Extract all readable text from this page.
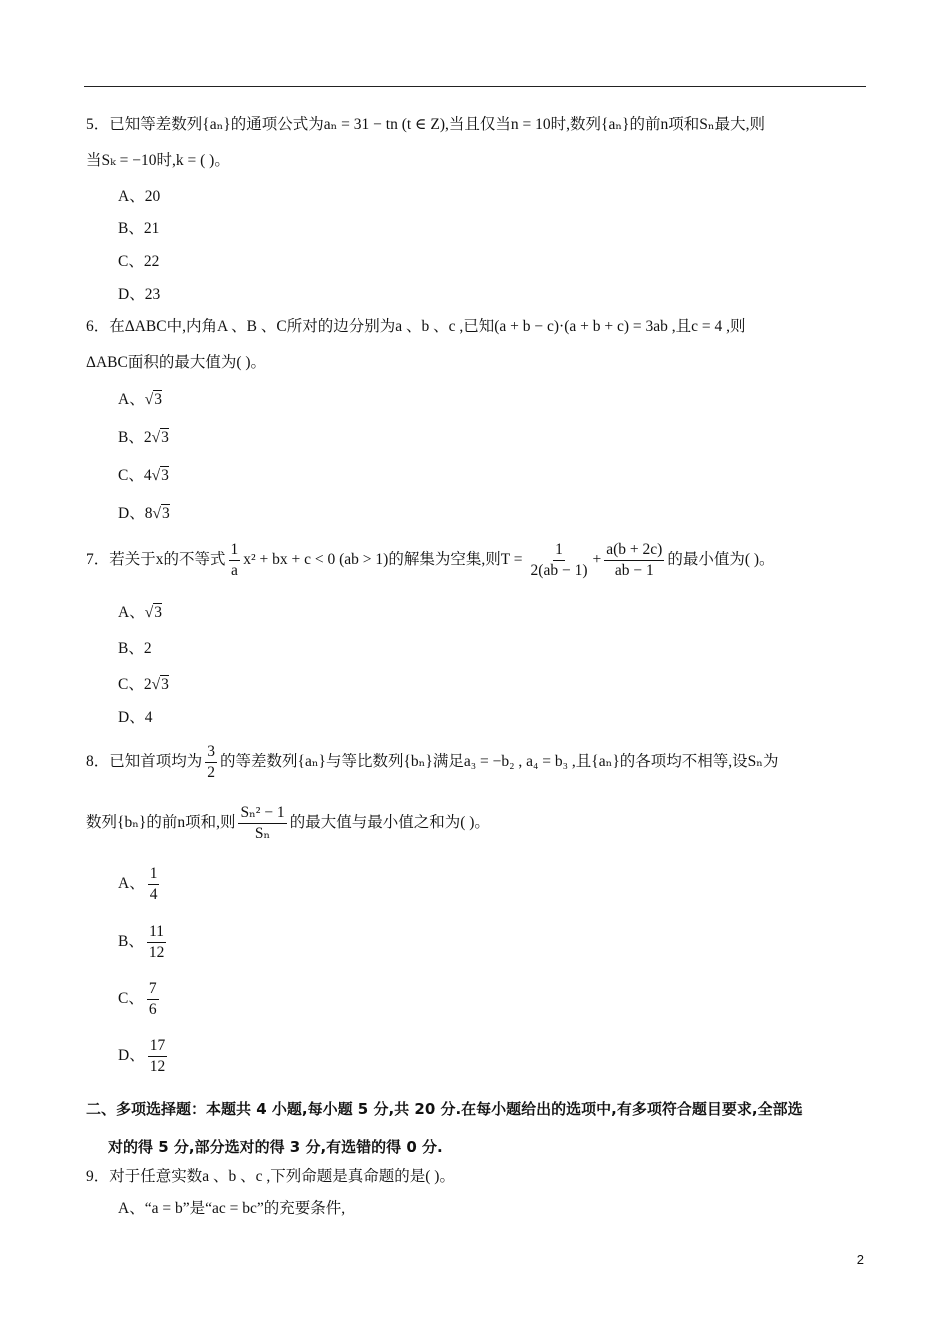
5．已知等差数列{aₙ}的通项公式为aₙ = 31 − tn (t ∈ Z),当且仅当n = 10时,数列{aₙ}的前n项和Sₙ最大,则
当Sₖ = −10时,k = ( )。
A、20
B、21
C、22
D、23
6．在ΔABC中,内角A 、B 、C所对的边分别为a 、b 、c ,已知(a + b − c)·(a + b + c) = 3ab ,且c = 4 ,则
ΔABC面积的最大值为( )。
A、√3
B、2√3
C、4√3
D、8√3
7．若关于x的不等式 $\frac{1}{a} x^2$ + bx + c < 0 (ab > 1)的解集为空集,则$T = \frac{1}{2(ab - 1)} + \frac{a(b + 2c)}{ab - 1}$ 的最小值为( )。
A、√3
B、2
C、2√3
D、4
8．已知首项均为 $\frac{3}{2}$ 的等差数列{aₙ}与等比数列{bₙ}满足a₃ = −b₂ , a₄ = b₃ ,且{aₙ}的各项均不相等,设Sₙ为
数列{bₙ}的前n项和,则 $\frac{\text{Sₙ² − 1}}{\text{Sₙ}}$ 的最大值与最小值之和为( )。
A、 $\frac{1}{4}$
B、 $\frac{11}{12}$
C、 $\frac{7}{6}$
D、 $\frac{17}{12}$
二、多项选择题：本题共 4 小题,每小题 5 分,共 20 分.在每小题给出的选项中,有多项符合题目要求,全部选
对的得 5 分,部分选对的得 3 分,有选错的得 0 分.
9．对于任意实数a 、b 、c ,下列命题是真命题的是( )。
A、“a = b”是“ac = bc”的充要条件,
2
